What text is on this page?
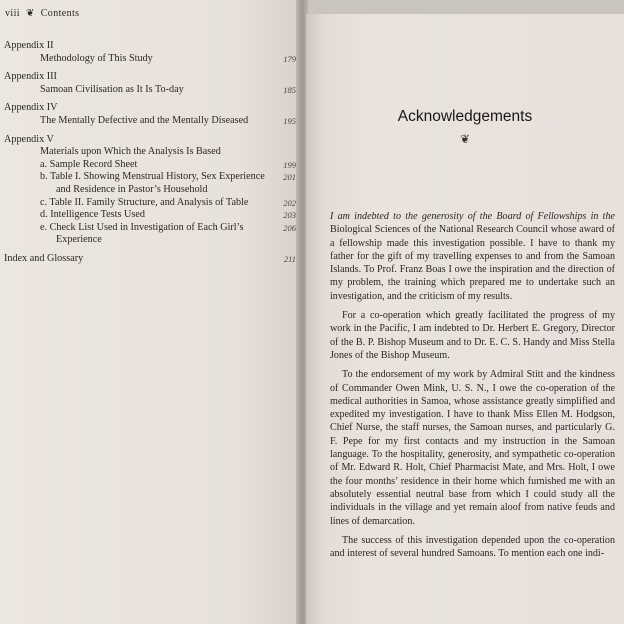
viii ❦ Contents
Appendix II
Methodology of This Study	179
Appendix III
Samoan Civilisation as It Is To-day	185
Appendix IV
The Mentally Defective and the Mentally Diseased	195
Appendix V
Materials upon Which the Analysis Is Based
a. Sample Record Sheet	199
b. Table I. Showing Menstrual History, Sex Experience 201
and Residence in Pastor’s Household
c. Table II. Family Structure, and Analysis of Table	202
d. Intelligence Tests Used	203
e. Check List Used in Investigation of Each Girl’s	206
Experience
Index and Glossary	211
Acknowledgements
❦

I am indebted to the generosity of the Board of Fellowships in the Biological Sciences of the National Research Council whose award of a fellowship made this investigation possible. I have to thank my father for the gift of my travelling expenses to and from the Samoan Islands. To Prof. Franz Boas I owe the inspiration and the direction of my problem, the training which prepared me to undertake such an investigation, and the criticism of my results.

For a co-operation which greatly facilitated the progress of my work in the Pacific, I am indebted to Dr. Herbert E. Gregory, Director of the B. P. Bishop Museum and to Dr. E. C. S. Handy and Miss Stella Jones of the Bishop Museum.

To the endorsement of my work by Admiral Stitt and the kindness of Commander Owen Mink, U. S. N., I owe the co-operation of the medical authorities in Samoa, whose assistance greatly simplified and expedited my investigation. I have to thank Miss Ellen M. Hodgson, Chief Nurse, the staff nurses, the Samoan nurses, and particularly G. F. Pepe for my first contacts and my instruction in the Samoan language. To the hospitality, generosity, and sympathetic co-operation of Mr. Edward R. Holt, Chief Pharmacist Mate, and Mrs. Holt, I owe the four months’ residence in their home which furnished me with an absolutely essential neutral base from which I could study all the individuals in the village and yet remain aloof from native feuds and lines of demarcation.

The success of this investigation depended upon the co-operation and interest of several hundred Samoans. To mention each one indi-
